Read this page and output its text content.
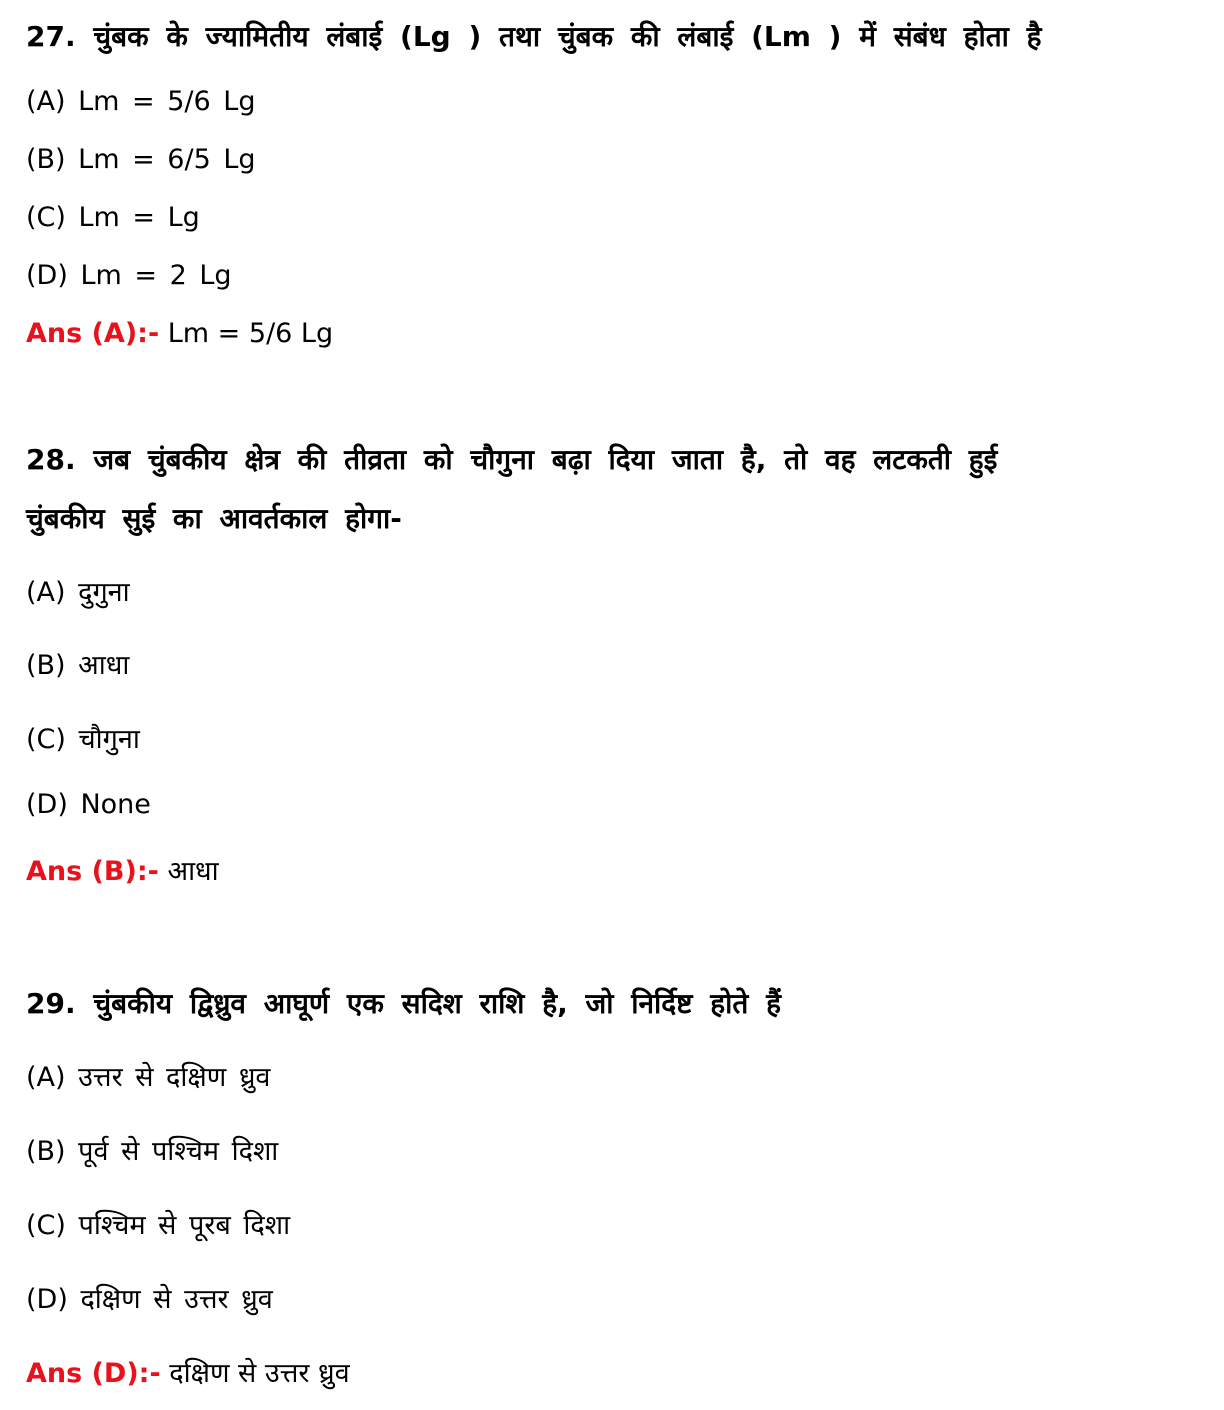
27. चुंबक के ज्यामितीय लंबाई (Lg ) तथा चुंबक की लंबाई (Lm ) में संबंध होता है
(A) Lm = 5/6 Lg
(B) Lm = 6/5 Lg
(C) Lm = Lg
(D) Lm = 2 Lg
Ans (A):- Lm = 5/6 Lg
28. जब चुंबकीय क्षेत्र की तीव्रता को चौगुना बढ़ा दिया जाता है, तो वह लटकती हुई
चुंबकीय सुई का आवर्तकाल होगा-
(A) दुगुना
(B) आधा
(C) चौगुना
(D) None
Ans (B):- आधा
29. चुंबकीय द्विध्रुव आघूर्ण एक सदिश राशि है, जो निर्दिष्ट होते हैं
(A) उत्तर से दक्षिण ध्रुव
(B) पूर्व से पश्चिम दिशा
(C) पश्चिम से पूरब दिशा
(D) दक्षिण से उत्तर ध्रुव
Ans (D):- दक्षिण से उत्तर ध्रुव
